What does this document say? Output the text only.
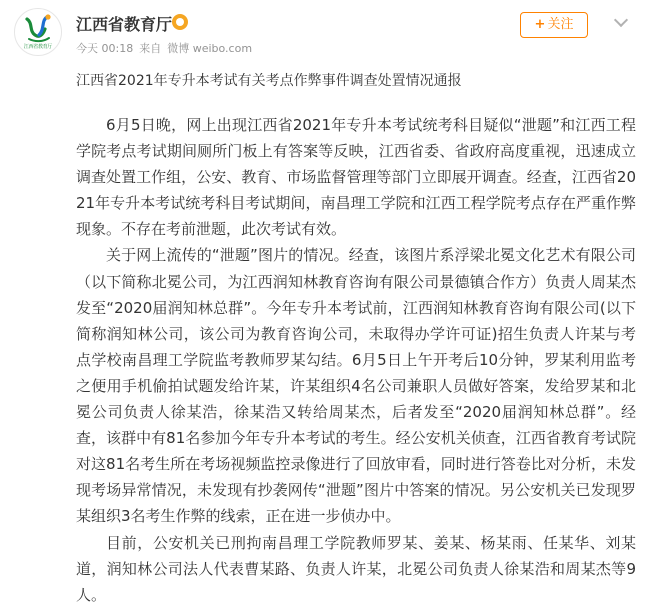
江西省教育厅
江西省教育厅
今天 00:18 来自 微博 weibo.com
+ 关注
江西省2021年专升本考试有关考点作弊事件调查处置情况通报

6月5日晚，网上出现江西省2021年专升本考试统考科目疑似“泄题”和江西工程学院考点考试期间厕所门板上有答案等反映，江西省委、省政府高度重视，迅速成立调查处置工作组，公安、教育、市场监督管理等部门立即展开调查。经查，江西省2021年专升本考试统考科目考试期间，南昌理工学院和江西工程学院考点存在严重作弊现象。不存在考前泄题，此次考试有效。

关于网上流传的“泄题”图片的情况。经查，该图片系浮梁北冕文化艺术有限公司（以下简称北冕公司，为江西润知林教育咨询有限公司景德镇合作方）负责人周某杰发至“2020届润知林总群”。今年专升本考试前，江西润知林教育咨询有限公司(以下简称润知林公司，该公司为教育咨询公司，未取得办学许可证)招生负责人许某与考点学校南昌理工学院监考教师罗某勾结。6月5日上午开考后10分钟，罗某利用监考之便用手机偷拍试题发给许某，许某组织4名公司兼职人员做好答案，发给罗某和北冕公司负责人徐某浩，徐某浩又转给周某杰，后者发至“2020届润知林总群”。经查，该群中有81名参加今年专升本考试的考生。经公安机关侦查，江西省教育考试院对这81名考生所在考场视频监控录像进行了回放审看，同时进行答卷比对分析，未发现考场异常情况，未发现有抄袭网传“泄题”图片中答案的情况。另公安机关已发现罗某组织3名考生作弊的线索，正在进一步侦办中。

目前，公安机关已刑拘南昌理工学院教师罗某、姜某、杨某雨、任某华、刘某道，润知林公司法人代表曹某路、负责人许某，北冕公司负责人徐某浩和周某杰等9人。
